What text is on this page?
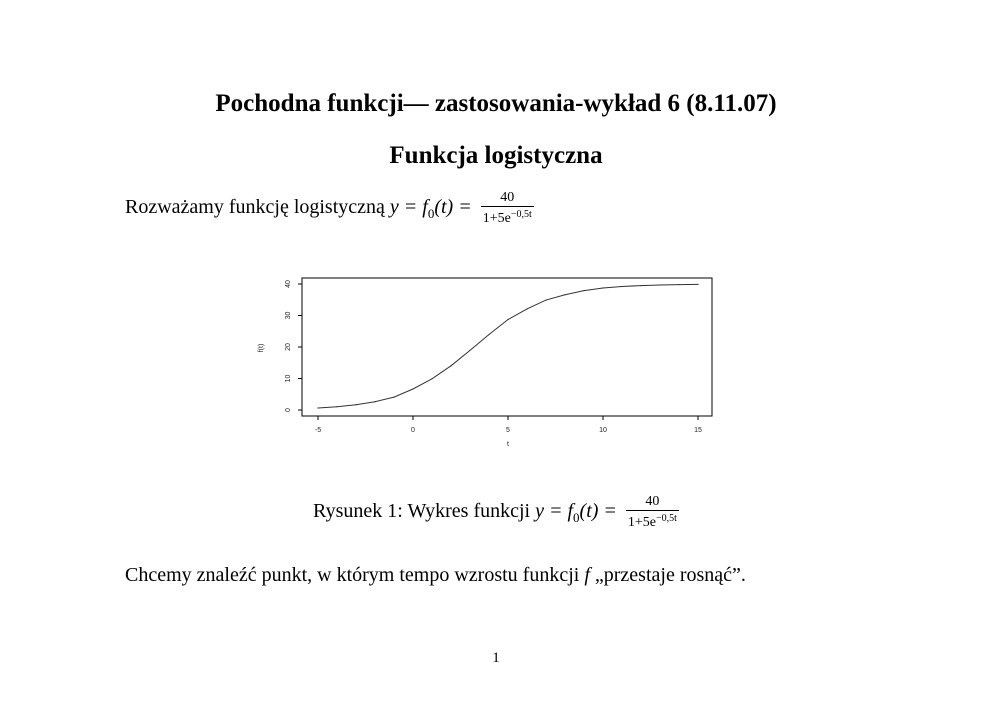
Pochodna funkcji— zastosowania-wykład 6 (8.11.07)
Funkcja logistyczna
Rozważamy funkcję logistyczną $y = f_0(t) = \frac{40}{1+5e^{-0,5t}}$
-5	0	5	10	15
0
10
20
30
40
t
f(t)
Rysunek 1: Wykres funkcji $y = f_0(t) = \frac{40}{1+5e^{-0,5t}}$
Chcemy znaleźć punkt, w którym tempo wzrostu funkcji f „przestaje rosnąć”.
1
